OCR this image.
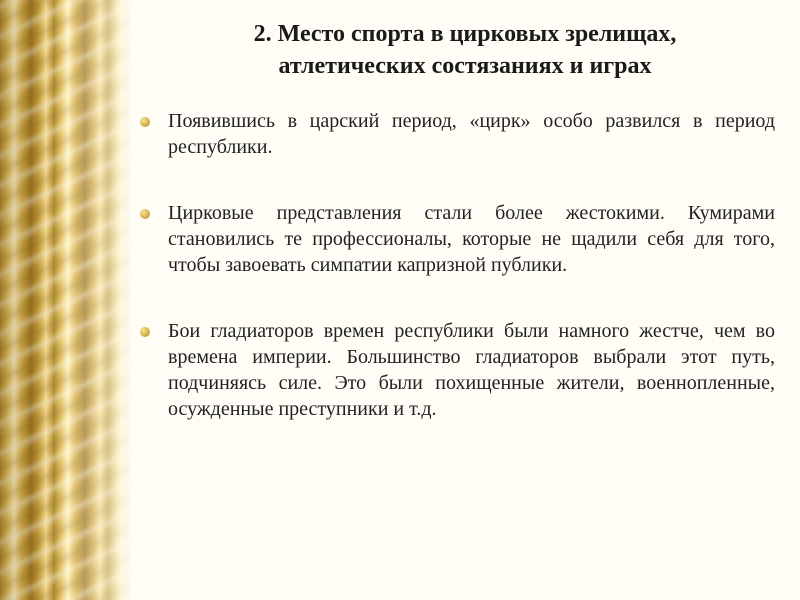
2. Место спорта в цирковых зрелищах,
атлетических состязаниях и играх
Появившись в царский период, «цирк» особо развился в период республики.
Цирковые представления стали более жестокими. Кумирами становились те профессионалы, которые не щадили себя для того, чтобы завоевать симпатии капризной публики.
Бои гладиаторов времен республики были намного жестче, чем во времена империи. Большинство гладиаторов выбрали этот путь, подчиняясь силе. Это были похищенные жители, военнопленные, осужденные преступники и т.д.
